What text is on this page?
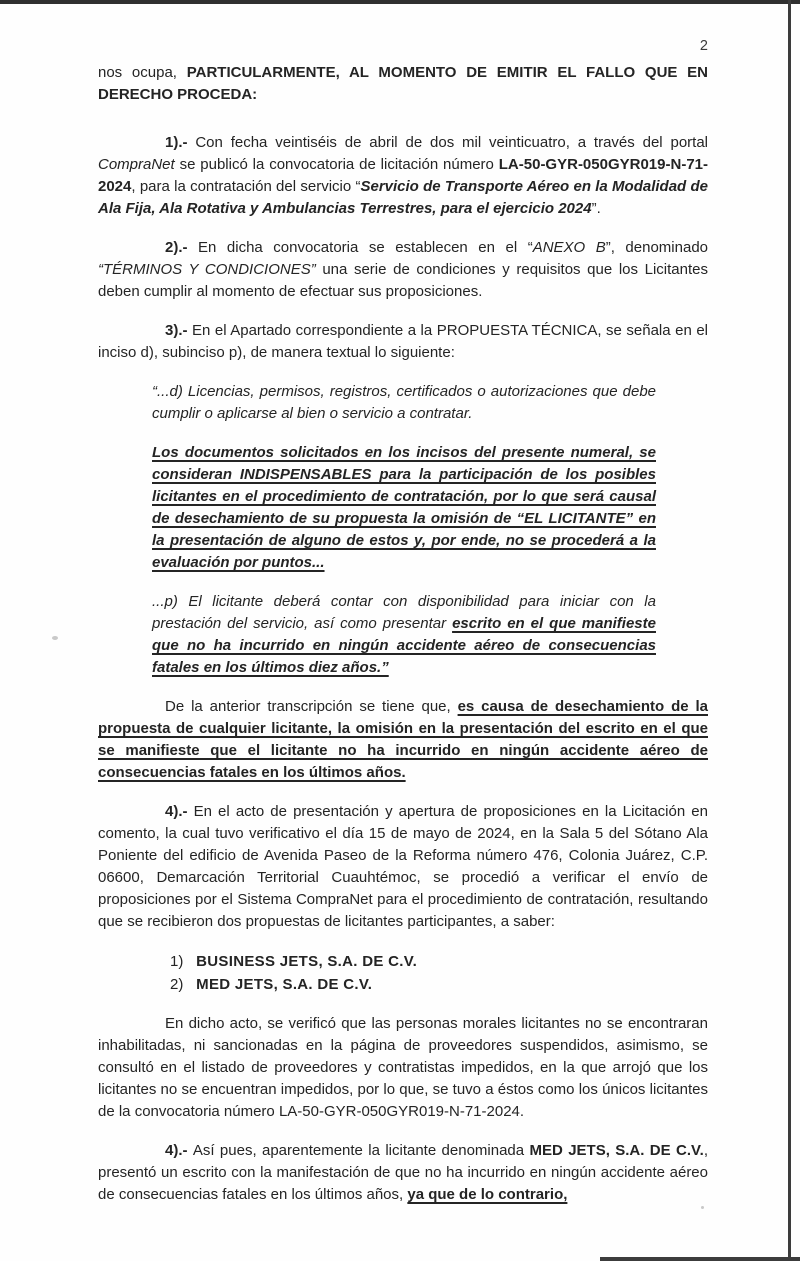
2

nos ocupa, PARTICULARMENTE, AL MOMENTO DE EMITIR EL FALLO QUE EN DERECHO PROCEDA:

1).- Con fecha veintiséis de abril de dos mil veinticuatro, a través del portal CompraNet se publicó la convocatoria de licitación número LA-50-GYR-050GYR019-N-71-2024, para la contratación del servicio “Servicio de Transporte Aéreo en la Modalidad de Ala Fija, Ala Rotativa y Ambulancias Terrestres, para el ejercicio 2024”.

2).- En dicha convocatoria se establecen en el “ANEXO B”, denominado “TÉRMINOS Y CONDICIONES” una serie de condiciones y requisitos que los Licitantes deben cumplir al momento de efectuar sus proposiciones.

3).- En el Apartado correspondiente a la PROPUESTA TÉCNICA, se señala en el inciso d), subinciso p), de manera textual lo siguiente:

“...d) Licencias, permisos, registros, certificados o autorizaciones que debe cumplir o aplicarse al bien o servicio a contratar.

Los documentos solicitados en los incisos del presente numeral, se consideran INDISPENSABLES para la participación de los posibles licitantes en el procedimiento de contratación, por lo que será causal de desechamiento de su propuesta la omisión de “EL LICITANTE” en la presentación de alguno de estos y, por ende, no se procederá a la evaluación por puntos...

...p) El licitante deberá contar con disponibilidad para iniciar con la prestación del servicio, así como presentar escrito en el que manifieste que no ha incurrido en ningún accidente aéreo de consecuencias fatales en los últimos diez años.”

De la anterior transcripción se tiene que, es causa de desechamiento de la propuesta de cualquier licitante, la omisión en la presentación del escrito en el que se manifieste que el licitante no ha incurrido en ningún accidente aéreo de consecuencias fatales en los últimos años.

4).- En el acto de presentación y apertura de proposiciones en la Licitación en comento, la cual tuvo verificativo el día 15 de mayo de 2024, en la Sala 5 del Sótano Ala Poniente del edificio de Avenida Paseo de la Reforma número 476, Colonia Juárez, C.P. 06600, Demarcación Territorial Cuauhtémoc, se procedió a verificar el envío de proposiciones por el Sistema CompraNet para el procedimiento de contratación, resultando que se recibieron dos propuestas de licitantes participantes, a saber:

1) BUSINESS JETS, S.A. DE C.V.
2) MED JETS, S.A. DE C.V.

En dicho acto, se verificó que las personas morales licitantes no se encontraran inhabilitadas, ni sancionadas en la página de proveedores suspendidos, asimismo, se consultó en el listado de proveedores y contratistas impedidos, en la que arrojó que los licitantes no se encuentran impedidos, por lo que, se tuvo a éstos como los únicos licitantes de la convocatoria número LA-50-GYR-050GYR019-N-71-2024.

4).- Así pues, aparentemente la licitante denominada MED JETS, S.A. DE C.V., presentó un escrito con la manifestación de que no ha incurrido en ningún accidente aéreo de consecuencias fatales en los últimos años, ya que de lo contrario,
